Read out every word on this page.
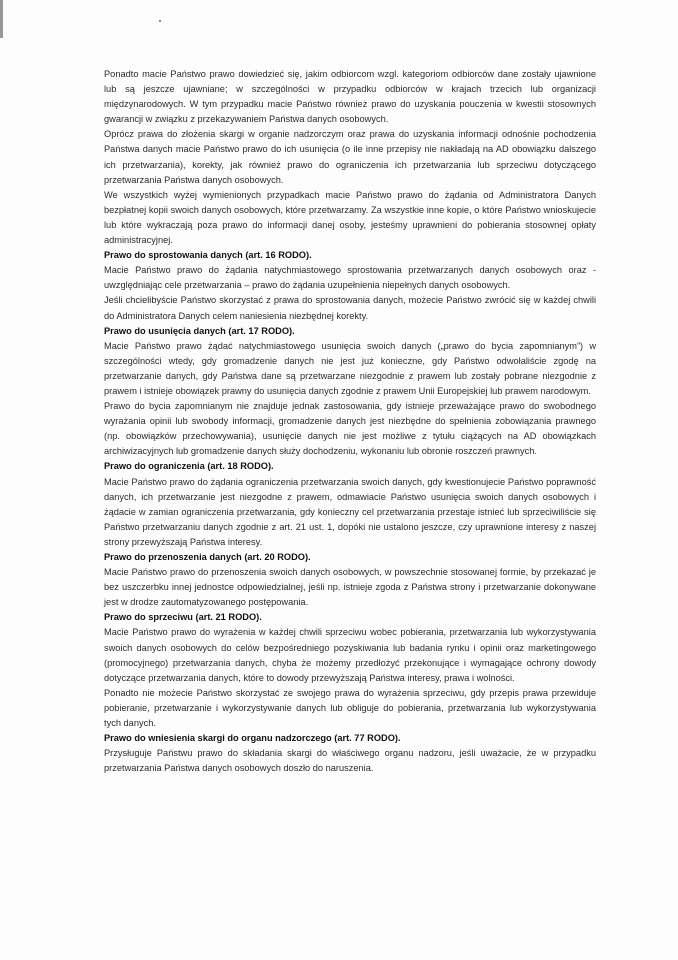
Ponadto macie Państwo prawo dowiedzieć się, jakim odbiorcom wzgl. kategoriom odbiorców dane zostały ujawnione lub są jeszcze ujawniane; w szczególności w przypadku odbiorców w krajach trzecich lub organizacji międzynarodowych. W tym przypadku macie Państwo również prawo do uzyskania pouczenia w kwestii stosownych gwarancji w związku z przekazywaniem Państwa danych osobowych.

Oprócz prawa do złożenia skargi w organie nadzorczym oraz prawa do uzyskania informacji odnośnie pochodzenia Państwa danych macie Państwo prawo do ich usunięcia (o ile inne przepisy nie nakładają na AD obowiązku dalszego ich przetwarzania), korekty, jak również prawo do ograniczenia ich przetwarzania lub sprzeciwu dotyczącego przetwarzania Państwa danych osobowych.

We wszystkich wyżej wymienionych przypadkach macie Państwo prawo do żądania od Administratora Danych bezpłatnej kopii swoich danych osobowych, które przetwarzamy. Za wszystkie inne kopie, o które Państwo wnioskujecie lub które wykraczają poza prawo do informacji danej osoby, jesteśmy uprawnieni do pobierania stosownej opłaty administracyjnej.

Prawo do sprostowania danych (art. 16 RODO).

Macie Państwo prawo do żądania natychmiastowego sprostowania przetwarzanych danych osobowych oraz - uwzględniając cele przetwarzania – prawo do żądania uzupełnienia niepełnych danych osobowych.

Jeśli chcielibyście Państwo skorzystać z prawa do sprostowania danych, możecie Państwo zwrócić się w każdej chwili do Administratora Danych celem naniesienia niezbędnej korekty.

Prawo do usunięcia danych (art. 17 RODO).

Macie Państwo prawo żądać natychmiastowego usunięcia swoich danych („prawo do bycia zapomnianym”) w szczególności wtedy, gdy gromadzenie danych nie jest już konieczne, gdy Państwo odwołaliście zgodę na przetwarzanie danych, gdy Państwa dane są przetwarzane niezgodnie z prawem lub zostały pobrane niezgodnie z prawem i istnieje obowiązek prawny do usunięcia danych zgodnie z prawem Unii Europejskiej lub prawem narodowym.

Prawo do bycia zapomnianym nie znajduje jednak zastosowania, gdy istnieje przeważające prawo do swobodnego wyrażania opinii lub swobody informacji, gromadzenie danych jest niezbędne do spełnienia zobowiązania prawnego (np. obowiązków przechowywania), usunięcie danych nie jest możliwe z tytułu ciążących na AD obowiązkach archiwizacyjnych lub gromadzenie danych służy dochodzeniu, wykonaniu lub obronie roszczeń prawnych.

Prawo do ograniczenia (art. 18 RODO).

Macie Państwo prawo do żądania ograniczenia przetwarzania swoich danych, gdy kwestionujecie Państwo poprawność danych, ich przetwarzanie jest niezgodne z prawem, odmawiacie Państwo usunięcia swoich danych osobowych i żądacie w zamian ograniczenia przetwarzania, gdy konieczny cel przetwarzania przestaje istnieć lub sprzeciwiliście się Państwo przetwarzaniu danych zgodnie z art. 21 ust. 1, dopóki nie ustalono jeszcze, czy uprawnione interesy z naszej strony przewyższają Państwa interesy.

Prawo do przenoszenia danych (art. 20 RODO).

Macie Państwo prawo do przenoszenia swoich danych osobowych, w powszechnie stosowanej formie, by przekazać je bez uszczerbku innej jednostce odpowiedzialnej, jeśli np. istnieje zgoda z Państwa strony i przetwarzanie dokonywane jest w drodze zautomatyzowanego postępowania.

Prawo do sprzeciwu (art. 21 RODO).

Macie Państwo prawo do wyrażenia w każdej chwili sprzeciwu wobec pobierania, przetwarzania lub wykorzystywania swoich danych osobowych do celów bezpośredniego pozyskiwania lub badania rynku i opinii oraz marketingowego (promocyjnego) przetwarzania danych, chyba że możemy przedłożyć przekonujące i wymagające ochrony dowody dotyczące przetwarzania danych, które to dowody przewyższają Państwa interesy, prawa i wolności.

Ponadto nie możecie Państwo skorzystać ze swojego prawa do wyrażenia sprzeciwu, gdy przepis prawa przewiduje pobieranie, przetwarzanie i wykorzystywanie danych lub obliguje do pobierania, przetwarzania lub wykorzystywania tych danych.

Prawo do wniesienia skargi do organu nadzorczego (art. 77 RODO).

Przysługuje Państwu prawo do składania skargi do właściwego organu nadzoru, jeśli uważacie, że w przypadku przetwarzania Państwa danych osobowych doszło do naruszenia.
